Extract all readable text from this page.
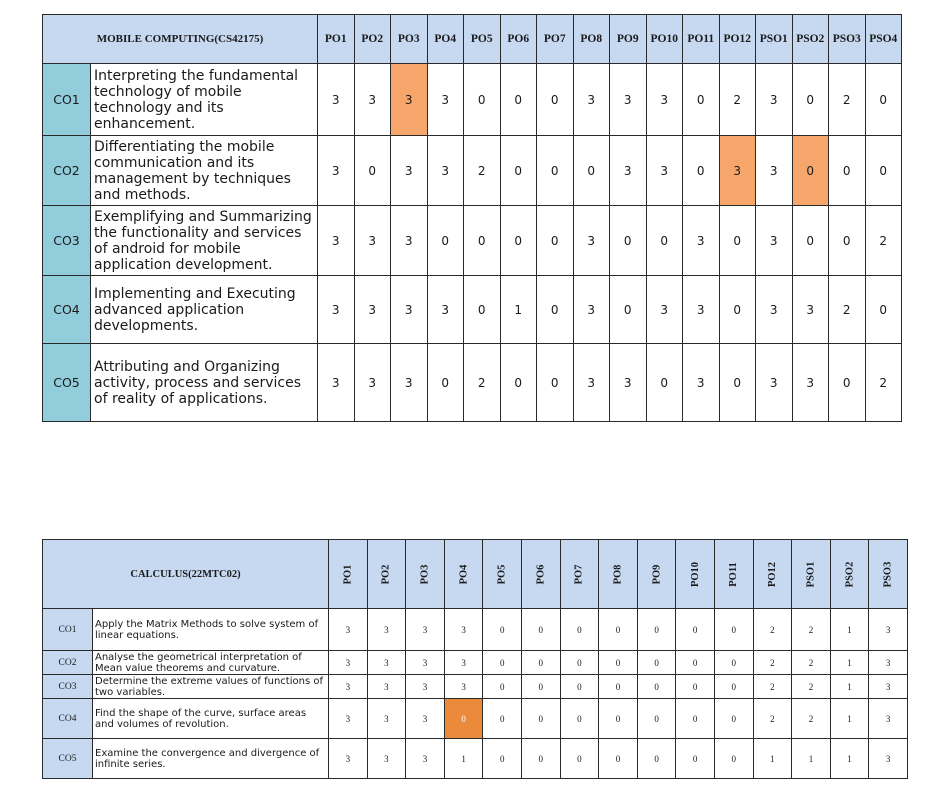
MOBILE COMPUTING(CS42175)		PO1	PO2	PO3	PO4	PO5	PO6	PO7	PO8	PO9	PO10	PO11	PO12	PSO1	PSO2	PSO3	PSO4
CO1	Interpreting the fundamental technology of mobile technology and its enhancement.	3	3	3	3	0	0	0	3	3	3	0	2	3	0	2	0
CO2	Differentiating the mobile communication and its management by techniques and methods.	3	0	3	3	2	0	0	0	3	3	0	3	3	0	0	0
CO3	Exemplifying and Summarizing the functionality and services of android for mobile application development.	3	3	3	0	0	0	0	3	0	0	3	0	3	0	0	2
CO4	Implementing and Executing advanced application developments.	3	3	3	3	0	1	0	3	0	3	3	0	3	3	2	0
CO5	Attributing and Organizing activity, process and services of reality of applications.	3	3	3	0	2	0	0	3	3	0	3	0	3	3	0	2
CALCULUS(22MTC02)		PO1	PO2	PO3	PO4	PO5	PO6	PO7	PO8	PO9	PO10	PO11	PO12	PSO1	PSO2	PSO3
CO1	Apply the Matrix Methods to solve system of linear equations.	3	3	3	3	0	0	0	0	0	0	0	2	2	1	3
CO2	Analyse the geometrical interpretation of Mean value theorems and curvature.	3	3	3	3	0	0	0	0	0	0	0	2	2	1	3
CO3	Determine the extreme values of functions of two variables.	3	3	3	3	0	0	0	0	0	0	0	2	2	1	3
CO4	Find the shape of the curve, surface areas and volumes of revolution.	3	3	3	0	0	0	0	0	0	0	0	2	2	1	3
CO5	Examine the convergence and divergence of infinite series.	3	3	3	1	0	0	0	0	0	0	0	1	1	1	3
